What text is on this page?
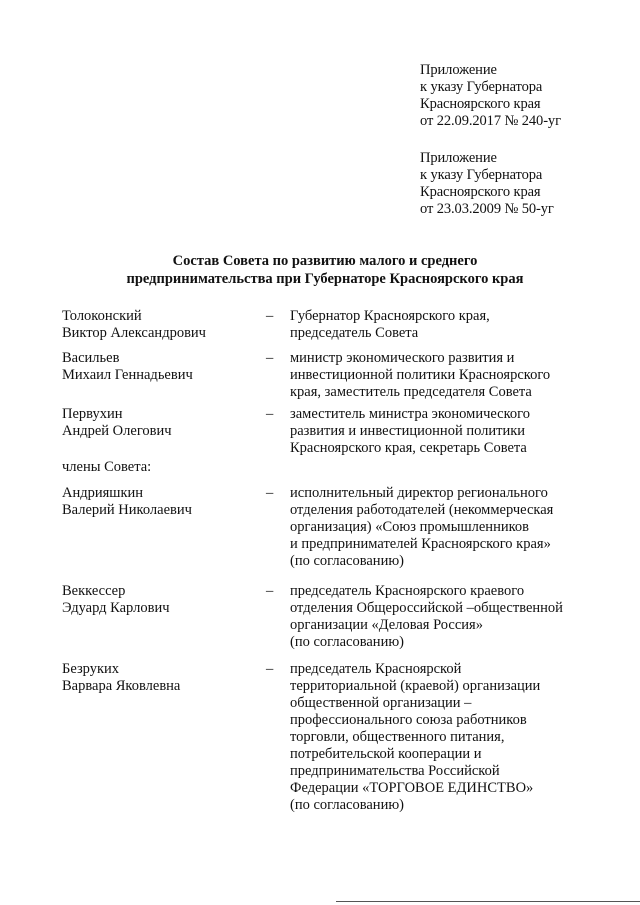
Приложение
к указу Губернатора
Красноярского края
от 22.09.2017 № 240-уг
Приложение
к указу Губернатора
Красноярского края
от 23.03.2009 № 50-уг
Состав Совета по развитию малого и среднего
предпринимательства при Губернаторе Красноярского края
Толоконский
Виктор Александрович
– Губернатор Красноярского края,
председатель Совета
Васильев
Михаил Геннадьевич
– министр экономического развития и
инвестиционной политики Красноярского
края, заместитель председателя Совета
Первухин
Андрей Олегович
– заместитель министра экономического
развития и инвестиционной политики
Красноярского края, секретарь Совета
члены Совета:
Андрияшкин
Валерий Николаевич
– исполнительный директор регионального
отделения работодателей (некоммерческая
организация) «Союз промышленников
и предпринимателей Красноярского края»
(по согласованию)
Веккессер
Эдуард Карлович
– председатель Красноярского краевого
отделения Общероссийской –общественной
организации «Деловая Россия»
(по согласованию)
Безруких
Варвара Яковлевна
– председатель Красноярской
территориальной (краевой) организации
общественной организации –
профессионального союза работников
торговли, общественного питания,
потребительской кооперации и
предпринимательства Российской
Федерации «ТОРГОВОЕ ЕДИНСТВО»
(по согласованию)
